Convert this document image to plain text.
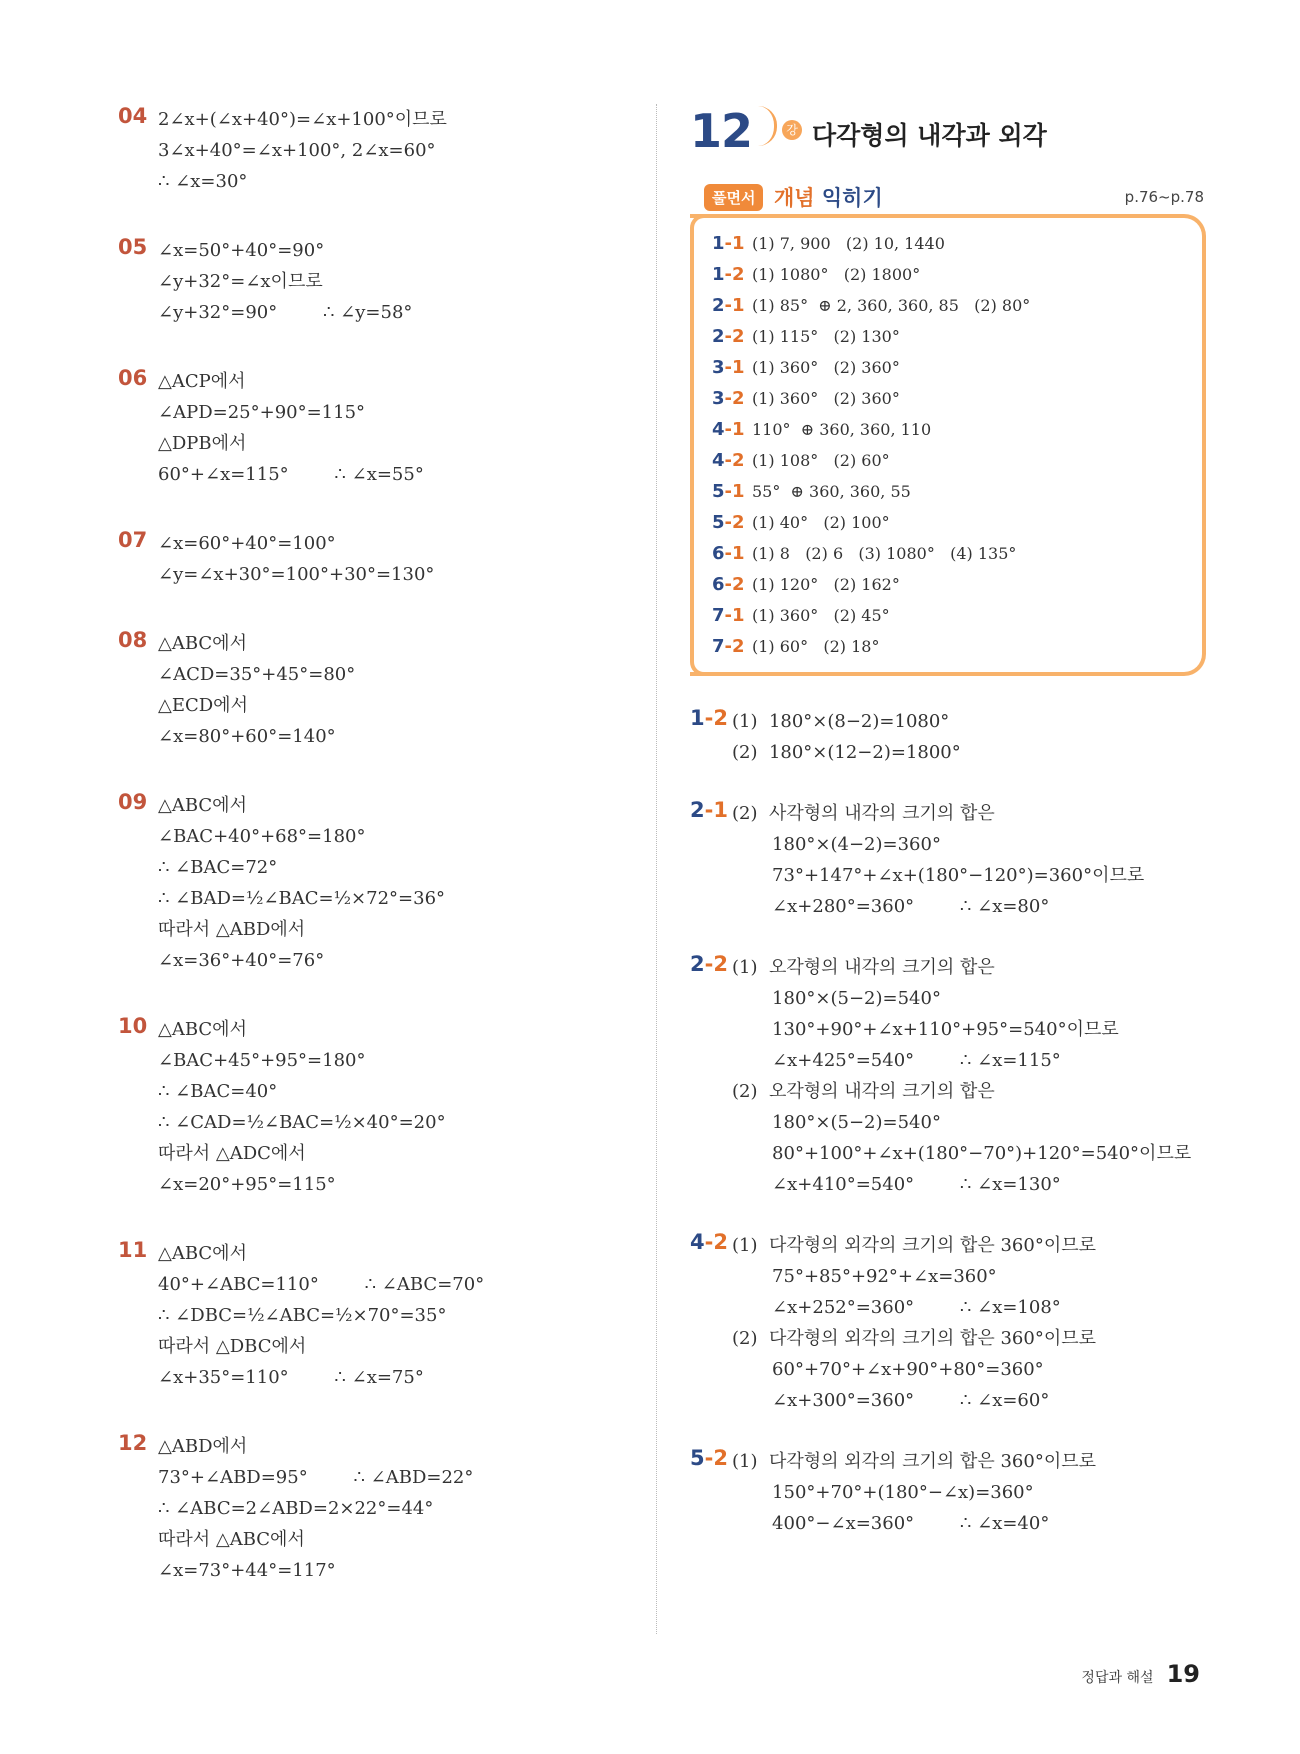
04 2∠x+(∠x+40°)=∠x+100°이므로
3∠x+40°=∠x+100°, 2∠x=60°
∴ ∠x=30°
05 ∠x=50°+40°=90°
∠y+32°=∠x이므로
∠y+32°=90°        ∴ ∠y=58°
06 △ACP에서
∠APD=25°+90°=115°
△DPB에서
60°+∠x=115°        ∴ ∠x=55°
07 ∠x=60°+40°=100°
∠y=∠x+30°=100°+30°=130°
08 △ABC에서
∠ACD=35°+45°=80°
△ECD에서
∠x=80°+60°=140°
09 △ABC에서
∠BAC+40°+68°=180°
∴ ∠BAC=72°
∴ ∠BAD=½∠BAC=½×72°=36°
따라서 △ABD에서
∠x=36°+40°=76°
10 △ABC에서
∠BAC+45°+95°=180°
∴ ∠BAC=40°
∴ ∠CAD=½∠BAC=½×40°=20°
따라서 △ADC에서
∠x=20°+95°=115°
11 △ABC에서
40°+∠ABC=110°        ∴ ∠ABC=70°
∴ ∠DBC=½∠ABC=½×70°=35°
따라서 △DBC에서
∠x+35°=110°        ∴ ∠x=75°
12 △ABD에서
73°+∠ABD=95°        ∴ ∠ABD=22°
∴ ∠ABC=2∠ABD=2×22°=44°
따라서 △ABC에서
∠x=73°+44°=117°
12	강 다각형의 내각과 외각
풀면서 개념 익히기	p.76~p.78
1-1 (1) 7, 900   (2) 10, 1440
1-2 (1) 1080°   (2) 1800°
2-1 (1) 85°  ⊕ 2, 360, 360, 85   (2) 80°
2-2 (1) 115°   (2) 130°
3-1 (1) 360°   (2) 360°
3-2 (1) 360°   (2) 360°
4-1 110°  ⊕ 360, 360, 110
4-2 (1) 108°   (2) 60°
5-1 55°  ⊕ 360, 360, 55
5-2 (1) 40°   (2) 100°
6-1 (1) 8   (2) 6   (3) 1080°   (4) 135°
6-2 (1) 120°   (2) 162°
7-1 (1) 360°   (2) 45°
7-2 (1) 60°   (2) 18°
1-2 (1)  180°×(8−2)=1080°
(2)  180°×(12−2)=1800°
2-1 (2)  사각형의 내각의 크기의 합은
180°×(4−2)=360°
73°+147°+∠x+(180°−120°)=360°이므로
∠x+280°=360°        ∴ ∠x=80°
2-2 (1)  오각형의 내각의 크기의 합은
180°×(5−2)=540°
130°+90°+∠x+110°+95°=540°이므로
∠x+425°=540°        ∴ ∠x=115°
(2)  오각형의 내각의 크기의 합은
180°×(5−2)=540°
80°+100°+∠x+(180°−70°)+120°=540°이므로
∠x+410°=540°        ∴ ∠x=130°
4-2 (1)  다각형의 외각의 크기의 합은 360°이므로
75°+85°+92°+∠x=360°
∠x+252°=360°        ∴ ∠x=108°
(2)  다각형의 외각의 크기의 합은 360°이므로
60°+70°+∠x+90°+80°=360°
∠x+300°=360°        ∴ ∠x=60°
5-2 (1)  다각형의 외각의 크기의 합은 360°이므로
150°+70°+(180°−∠x)=360°
400°−∠x=360°        ∴ ∠x=40°
정답과 해설 19
